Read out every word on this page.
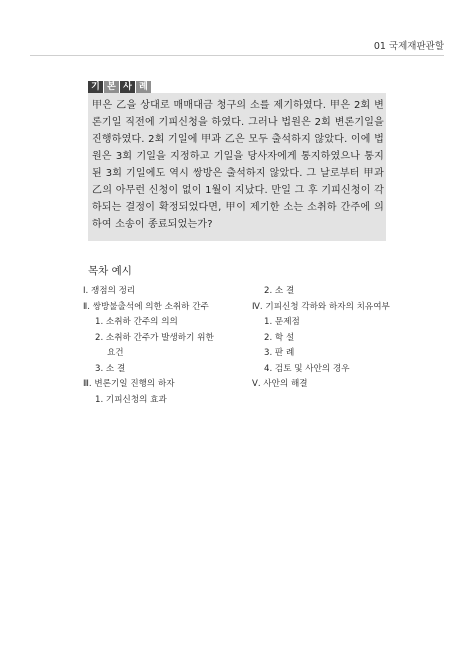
01 국제재판관할
기 본 사 례
甲은 乙을 상대로 매매대금 청구의 소를 제기하였다. 甲은 2회 변론기일 직전에 기피신청을 하였다. 그러나 법원은 2회 변론기일을 진행하였다. 2회 기일에 甲과 乙은 모두 출석하지 않았다. 이에 법원은 3회 기일을 지정하고 기일을 당사자에게 통지하였으나 통지된 3회 기일에도 역시 쌍방은 출석하지 않았다. 그 날로부터 甲과 乙의 아무런 신청이 없이 1월이 지났다. 만일 그 후 기피신청이 각하되는 결정이 확정되었다면, 甲이 제기한 소는 소취하 간주에 의하여 소송이 종료되었는가?
목차 예시
Ⅰ. 쟁점의 정리
Ⅱ. 쌍방불출석에 의한 소취하 간주
1. 소취하 간주의 의의
2. 소취하 간주가 발생하기 위한
요건
3. 소 결
Ⅲ. 변론기일 진행의 하자
1. 기피신청의 효과
2. 소 결
Ⅳ. 기피신청 각하와 하자의 치유여부
1. 문제점
2. 학 설
3. 판 례
4. 검토 및 사안의 경우
Ⅴ. 사안의 해결
